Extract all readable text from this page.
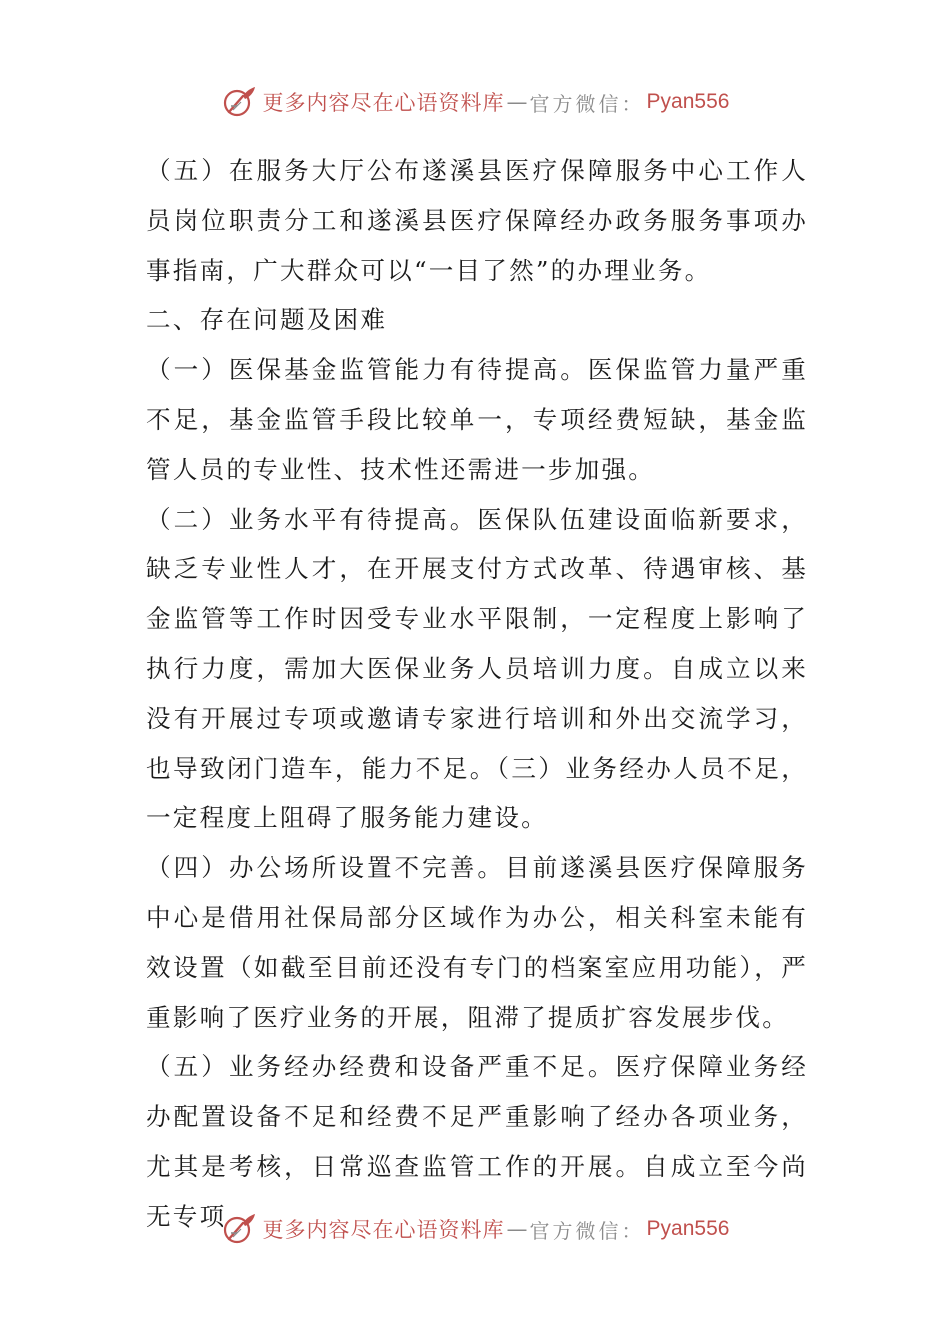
更多内容尽在心语资料库 — 官方微信： Pyan556

（五）在服务大厅公布遂溪县医疗保障服务中心工作人员岗位职责分工和遂溪县医疗保障经办政务服务事项办事指南，广大群众可以“一目了然”的办理业务。

二、存在问题及困难

（一）医保基金监管能力有待提高。医保监管力量严重不足，基金监管手段比较单一，专项经费短缺，基金监管人员的专业性、技术性还需进一步加强。

（二）业务水平有待提高。医保队伍建设面临新要求，缺乏专业性人才，在开展支付方式改革、待遇审核、基金监管等工作时因受专业水平限制，一定程度上影响了执行力度，需加大医保业务人员培训力度。自成立以来没有开展过专项或邀请专家进行培训和外出交流学习，也导致闭门造车，能力不足。（三）业务经办人员不足，一定程度上阻碍了服务能力建设。

（四）办公场所设置不完善。目前遂溪县医疗保障服务中心是借用社保局部分区域作为办公，相关科室未能有效设置（如截至目前还没有专门的档案室应用功能），严重影响了医疗业务的开展，阻滞了提质扩容发展步伐。

（五）业务经办经费和设备严重不足。医疗保障业务经办配置设备不足和经费不足严重影响了经办各项业务，尤其是考核，日常巡查监管工作的开展。自成立至今尚无专项	更多内容尽在心语资料库 — 官方微信： Pyan556
